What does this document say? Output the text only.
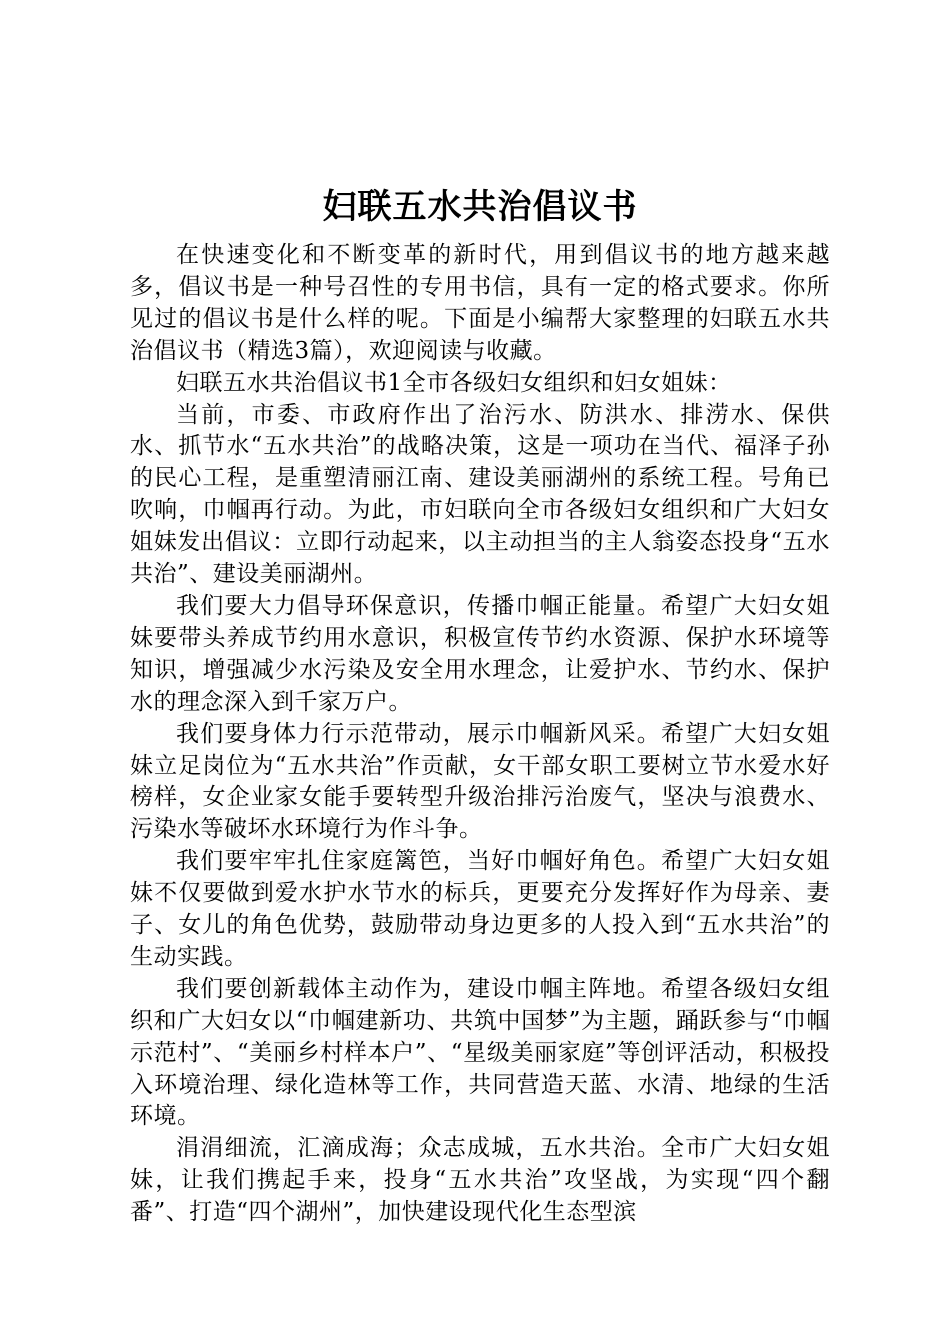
妇联五水共治倡议书

在快速变化和不断变革的新时代，用到倡议书的地方越来越多，倡议书是一种号召性的专用书信，具有一定的格式要求。你所见过的倡议书是什么样的呢。下面是小编帮大家整理的妇联五水共治倡议书（精选3篇），欢迎阅读与收藏。

妇联五水共治倡议书1全市各级妇女组织和妇女姐妹：

当前，市委、市政府作出了治污水、防洪水、排涝水、保供水、抓节水“五水共治”的战略决策，这是一项功在当代、福泽子孙的民心工程，是重塑清丽江南、建设美丽湖州的系统工程。号角已吹响，巾帼再行动。为此，市妇联向全市各级妇女组织和广大妇女姐妹发出倡议：立即行动起来，以主动担当的主人翁姿态投身“五水共治”、建设美丽湖州。

我们要大力倡导环保意识，传播巾帼正能量。希望广大妇女姐妹要带头养成节约用水意识，积极宣传节约水资源、保护水环境等知识，增强减少水污染及安全用水理念，让爱护水、节约水、保护水的理念深入到千家万户。

我们要身体力行示范带动，展示巾帼新风采。希望广大妇女姐妹立足岗位为“五水共治”作贡献，女干部女职工要树立节水爱水好榜样，女企业家女能手要转型升级治排污治废气，坚决与浪费水、污染水等破坏水环境行为作斗争。

我们要牢牢扎住家庭篱笆，当好巾帼好角色。希望广大妇女姐妹不仅要做到爱水护水节水的标兵，更要充分发挥好作为母亲、妻子、女儿的角色优势，鼓励带动身边更多的人投入到“五水共治”的生动实践。

我们要创新载体主动作为，建设巾帼主阵地。希望各级妇女组织和广大妇女以“巾帼建新功、共筑中国梦”为主题，踊跃参与“巾帼示范村”、“美丽乡村样本户”、“星级美丽家庭”等创评活动，积极投入环境治理、绿化造林等工作，共同营造天蓝、水清、地绿的生活环境。

涓涓细流，汇滴成海；众志成城，五水共治。全市广大妇女姐妹，让我们携起手来，投身“五水共治”攻坚战，为实现“四个翻番”、打造“四个湖州”，加快建设现代化生态型滨
